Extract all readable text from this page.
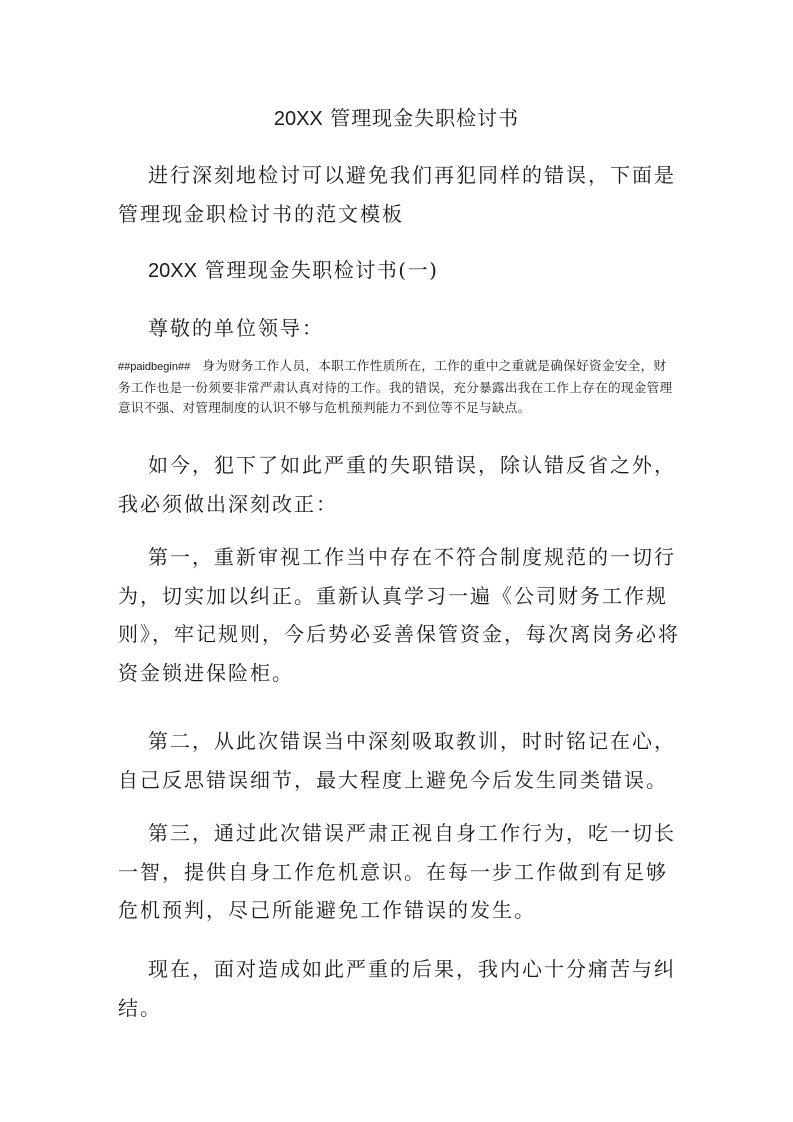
20XX 管理现金失职检讨书

进行深刻地检讨可以避免我们再犯同样的错误，下面是管理现金职检讨书的范文模板

20XX 管理现金失职检讨书(一)
尊敬的单位领导：

##paidbegin## 身为财务工作人员，本职工作性质所在，工作的重中之重就是确保好资金安全，财务工作也是一份须要非常严肃认真对待的工作。我的错误，充分暴露出我在工作上存在的现金管理意识不强、对管理制度的认识不够与危机预判能力不到位等不足与缺点。

如今，犯下了如此严重的失职错误，除认错反省之外，我必须做出深刻改正：

第一，重新审视工作当中存在不符合制度规范的一切行为，切实加以纠正。重新认真学习一遍《公司财务工作规则》，牢记规则，今后势必妥善保管资金，每次离岗务必将资金锁进保险柜。

第二，从此次错误当中深刻吸取教训，时时铭记在心，自己反思错误细节，最大程度上避免今后发生同类错误。

第三，通过此次错误严肃正视自身工作行为，吃一切长一智，提供自身工作危机意识。在每一步工作做到有足够危机预判，尽己所能避免工作错误的发生。

现在，面对造成如此严重的后果，我内心十分痛苦与纠结。
